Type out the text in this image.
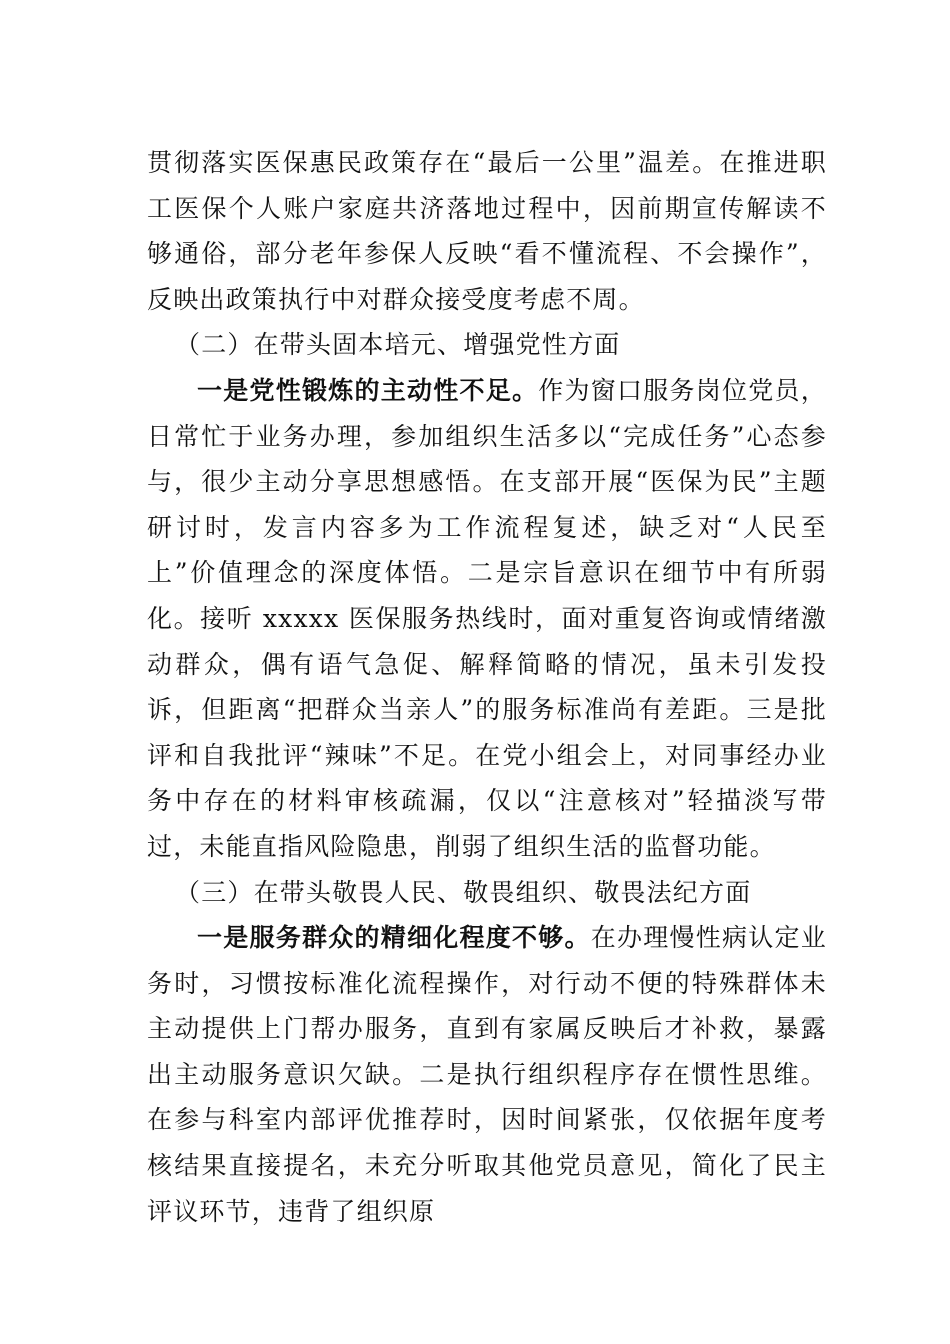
贯彻落实医保惠民政策存在“最后一公里”温差。在推进职工医保个人账户家庭共济落地过程中，因前期宣传解读不够通俗，部分老年参保人反映“看不懂流程、不会操作”，反映出政策执行中对群众接受度考虑不周。

（二）在带头固本培元、增强党性方面

一是党性锻炼的主动性不足。作为窗口服务岗位党员，日常忙于业务办理，参加组织生活多以“完成任务”心态参与，很少主动分享思想感悟。在支部开展“医保为民”主题研讨时，发言内容多为工作流程复述，缺乏对“人民至上”价值理念的深度体悟。二是宗旨意识在细节中有所弱化。接听 xxxxx 医保服务热线时，面对重复咨询或情绪激动群众，偶有语气急促、解释简略的情况，虽未引发投诉，但距离“把群众当亲人”的服务标准尚有差距。三是批评和自我批评“辣味”不足。在党小组会上，对同事经办业务中存在的材料审核疏漏，仅以“注意核对”轻描淡写带过，未能直指风险隐患，削弱了组织生活的监督功能。

（三）在带头敬畏人民、敬畏组织、敬畏法纪方面

一是服务群众的精细化程度不够。在办理慢性病认定业务时，习惯按标准化流程操作，对行动不便的特殊群体未主动提供上门帮办服务，直到有家属反映后才补救，暴露出主动服务意识欠缺。二是执行组织程序存在惯性思维。在参与科室内部评优推荐时，因时间紧张，仅依据年度考核结果直接提名，未充分听取其他党员意见，简化了民主评议环节，违背了组织原
